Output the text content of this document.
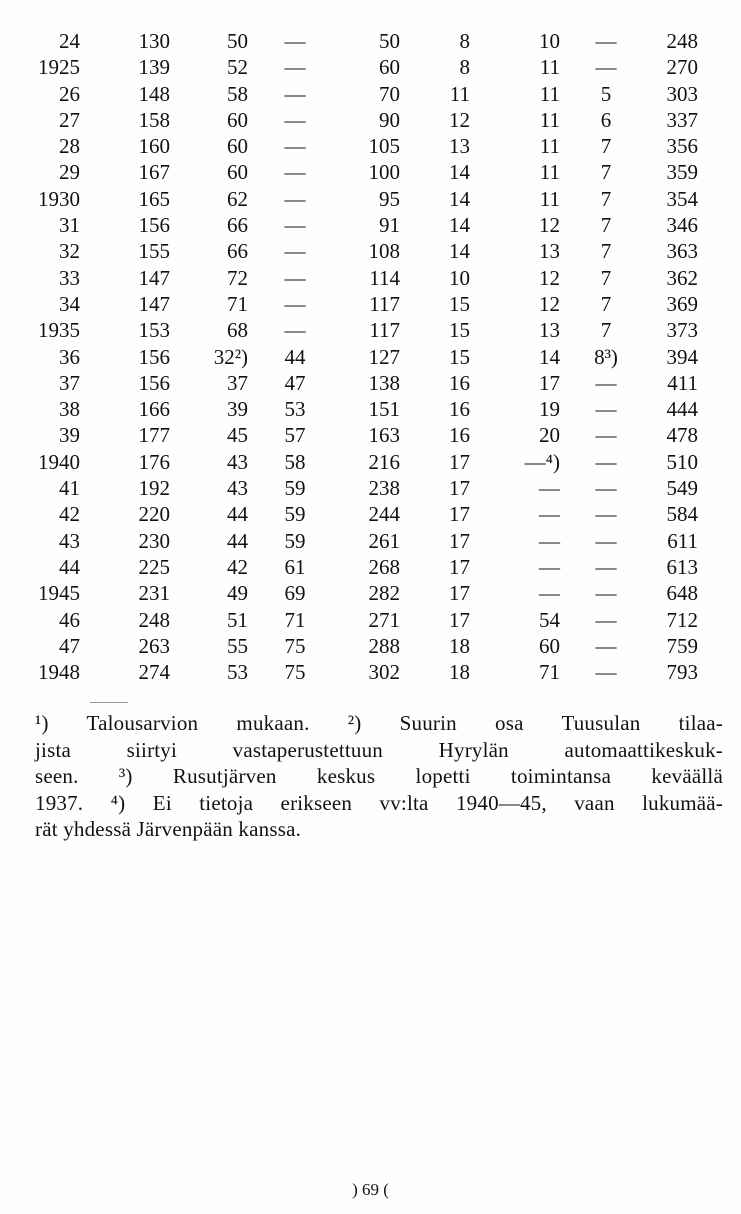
24	130	50	—	50	8	10	—	248
1925	139	52	—	60	8	11	—	270
26	148	58	—	70	11	11	5	303
27	158	60	—	90	12	11	6	337
28	160	60	—	105	13	11	7	356
29	167	60	—	100	14	11	7	359
1930	165	62	—	95	14	11	7	354
31	156	66	—	91	14	12	7	346
32	155	66	—	108	14	13	7	363
33	147	72	—	114	10	12	7	362
34	147	71	—	117	15	12	7	369
1935	153	68	—	117	15	13	7	373
36	156	32²)	44	127	15	14	8³)	394
37	156	37	47	138	16	17	—	411
38	166	39	53	151	16	19	—	444
39	177	45	57	163	16	20	—	478
1940	176	43	58	216	17	—⁴)	—	510
41	192	43	59	238	17	—	—	549
42	220	44	59	244	17	—	—	584
43	230	44	59	261	17	—	—	611
44	225	42	61	268	17	—	—	613
1945	231	49	69	282	17	—	—	648
46	248	51	71	271	17	54	—	712
47	263	55	75	288	18	60	—	759
1948	274	53	75	302	18	71	—	793
¹) Talousarvion mukaan. ²) Suurin osa Tuusulan tilaa-
jista siirtyi vastaperustettuun Hyrylän automaattikeskuk-
seen. ³) Rusutjärven keskus lopetti toimintansa keväällä
1937. ⁴) Ei tietoja erikseen vv:lta 1940—45, vaan lukumää-
rät yhdessä Järvenpään kanssa.
) 69 (
